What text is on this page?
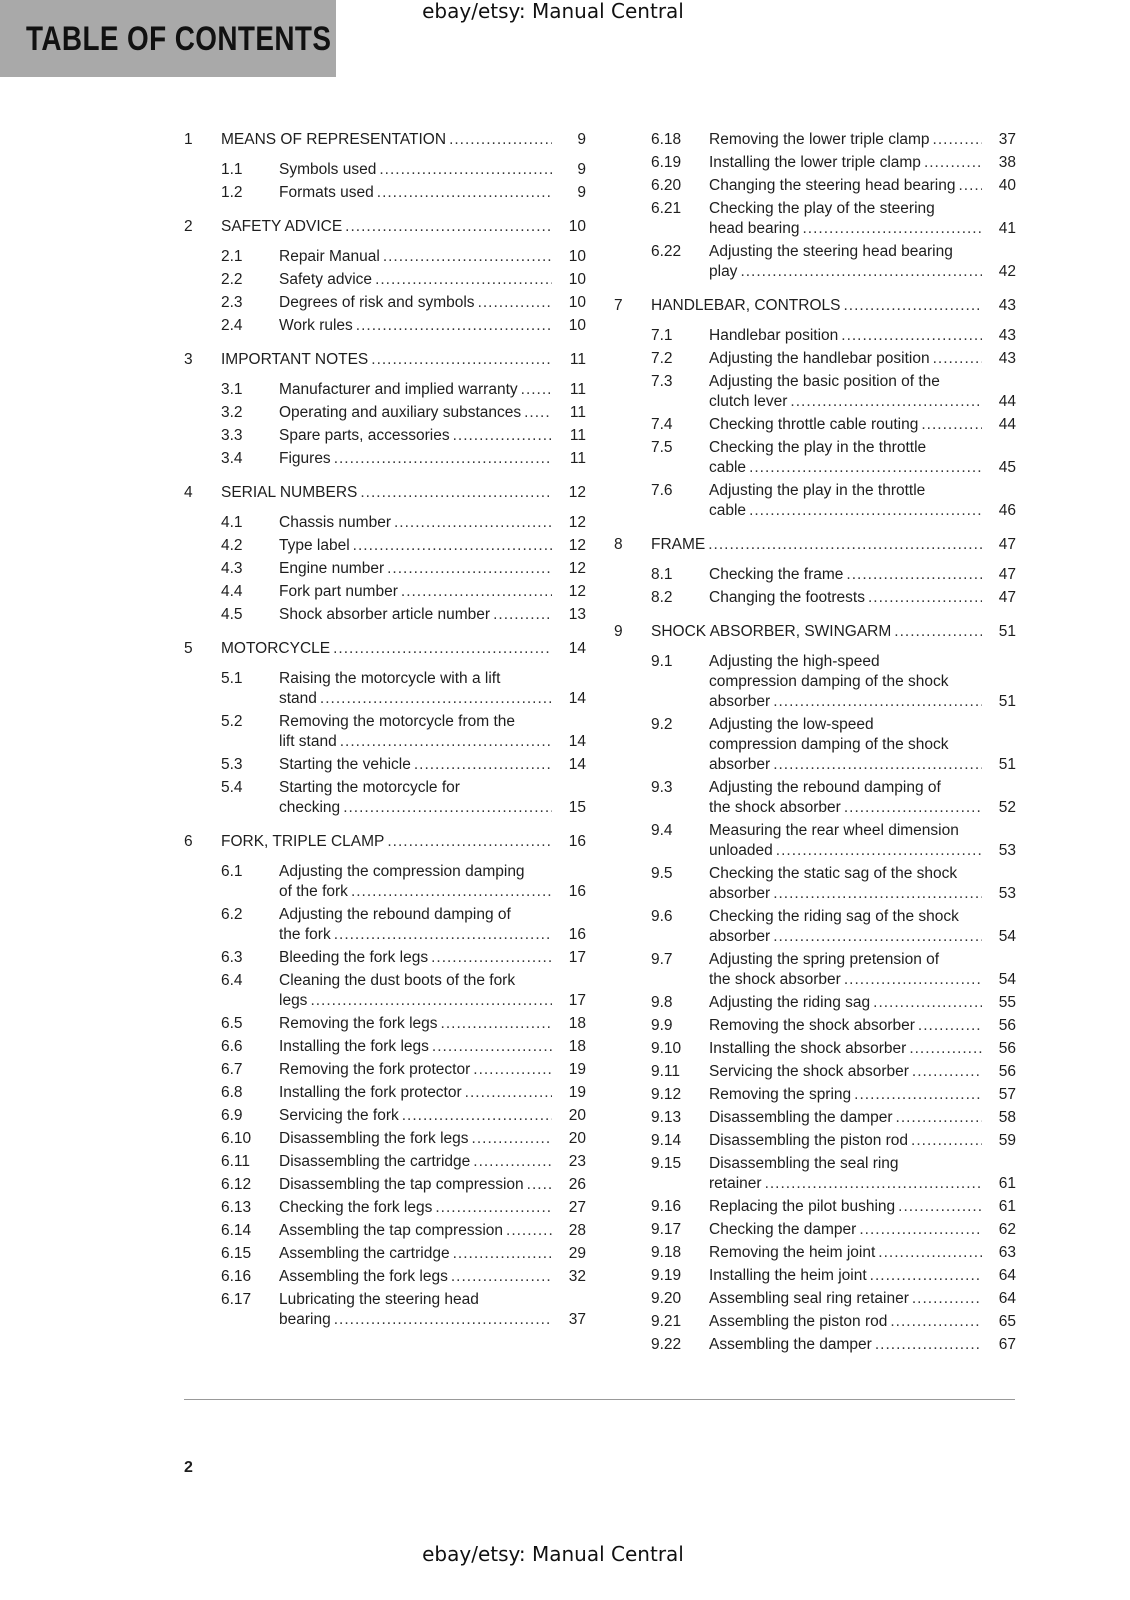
TABLE OF CONTENTS
ebay/etsy: Manual Central
1 MEANS OF REPRESENTATION .....	9
1.1 Symbols used .....	9
1.2 Formats used .....	9
2 SAFETY ADVICE .....	10
2.1 Repair Manual .....	10
2.2 Safety advice .....	10
2.3 Degrees of risk and symbols .....	10
2.4 Work rules .....	10
3 IMPORTANT NOTES .....	11
3.1 Manufacturer and implied warranty .....	11
3.2 Operating and auxiliary substances .....	11
3.3 Spare parts, accessories .....	11
3.4 Figures .....	11
4 SERIAL NUMBERS .....	12
4.1 Chassis number .....	12
4.2 Type label .....	12
4.3 Engine number .....	12
4.4 Fork part number .....	12
4.5 Shock absorber article number .....	13
5 MOTORCYCLE .....	14
5.1 Raising the motorcycle with a lift
stand .....	14
5.2 Removing the motorcycle from the
lift stand .....	14
5.3 Starting the vehicle .....	14
5.4 Starting the motorcycle for
checking .....	15
6 FORK, TRIPLE CLAMP .....	16
6.1 Adjusting the compression damping
of the fork .....	16
6.2 Adjusting the rebound damping of
the fork .....	16
6.3 Bleeding the fork legs .....	17
6.4 Cleaning the dust boots of the fork
legs .....	17
6.5 Removing the fork legs .....	18
6.6 Installing the fork legs .....	18
6.7 Removing the fork protector .....	19
6.8 Installing the fork protector .....	19
6.9 Servicing the fork .....	20
6.10 Disassembling the fork legs .....	20
6.11 Disassembling the cartridge .....	23
6.12 Disassembling the tap compression .....	26
6.13 Checking the fork legs .....	27
6.14 Assembling the tap compression .....	28
6.15 Assembling the cartridge .....	29
6.16 Assembling the fork legs .....	32
6.17 Lubricating the steering head
bearing .....	37
6.18 Removing the lower triple clamp .....	37
6.19 Installing the lower triple clamp .....	38
6.20 Changing the steering head bearing .....	40
6.21 Checking the play of the steering
head bearing .....	41
6.22 Adjusting the steering head bearing
play .....	42
7 HANDLEBAR, CONTROLS .....	43
7.1 Handlebar position .....	43
7.2 Adjusting the handlebar position .....	43
7.3 Adjusting the basic position of the
clutch lever .....	44
7.4 Checking throttle cable routing .....	44
7.5 Checking the play in the throttle
cable .....	45
7.6 Adjusting the play in the throttle
cable .....	46
8 FRAME .....	47
8.1 Checking the frame .....	47
8.2 Changing the footrests .....	47
9 SHOCK ABSORBER, SWINGARM .....	51
9.1 Adjusting the high-speed
compression damping of the shock
absorber .....	51
9.2 Adjusting the low-speed
compression damping of the shock
absorber .....	51
9.3 Adjusting the rebound damping of
the shock absorber .....	52
9.4 Measuring the rear wheel dimension
unloaded .....	53
9.5 Checking the static sag of the shock
absorber .....	53
9.6 Checking the riding sag of the shock
absorber .....	54
9.7 Adjusting the spring pretension of
the shock absorber .....	54
9.8 Adjusting the riding sag .....	55
9.9 Removing the shock absorber .....	56
9.10 Installing the shock absorber .....	56
9.11 Servicing the shock absorber .....	56
9.12 Removing the spring .....	57
9.13 Disassembling the damper .....	58
9.14 Disassembling the piston rod .....	59
9.15 Disassembling the seal ring
retainer .....	61
9.16 Replacing the pilot bushing .....	61
9.17 Checking the damper .....	62
9.18 Removing the heim joint .....	63
9.19 Installing the heim joint .....	64
9.20 Assembling seal ring retainer .....	64
9.21 Assembling the piston rod .....	65
9.22 Assembling the damper .....	67
2
ebay/etsy: Manual Central
